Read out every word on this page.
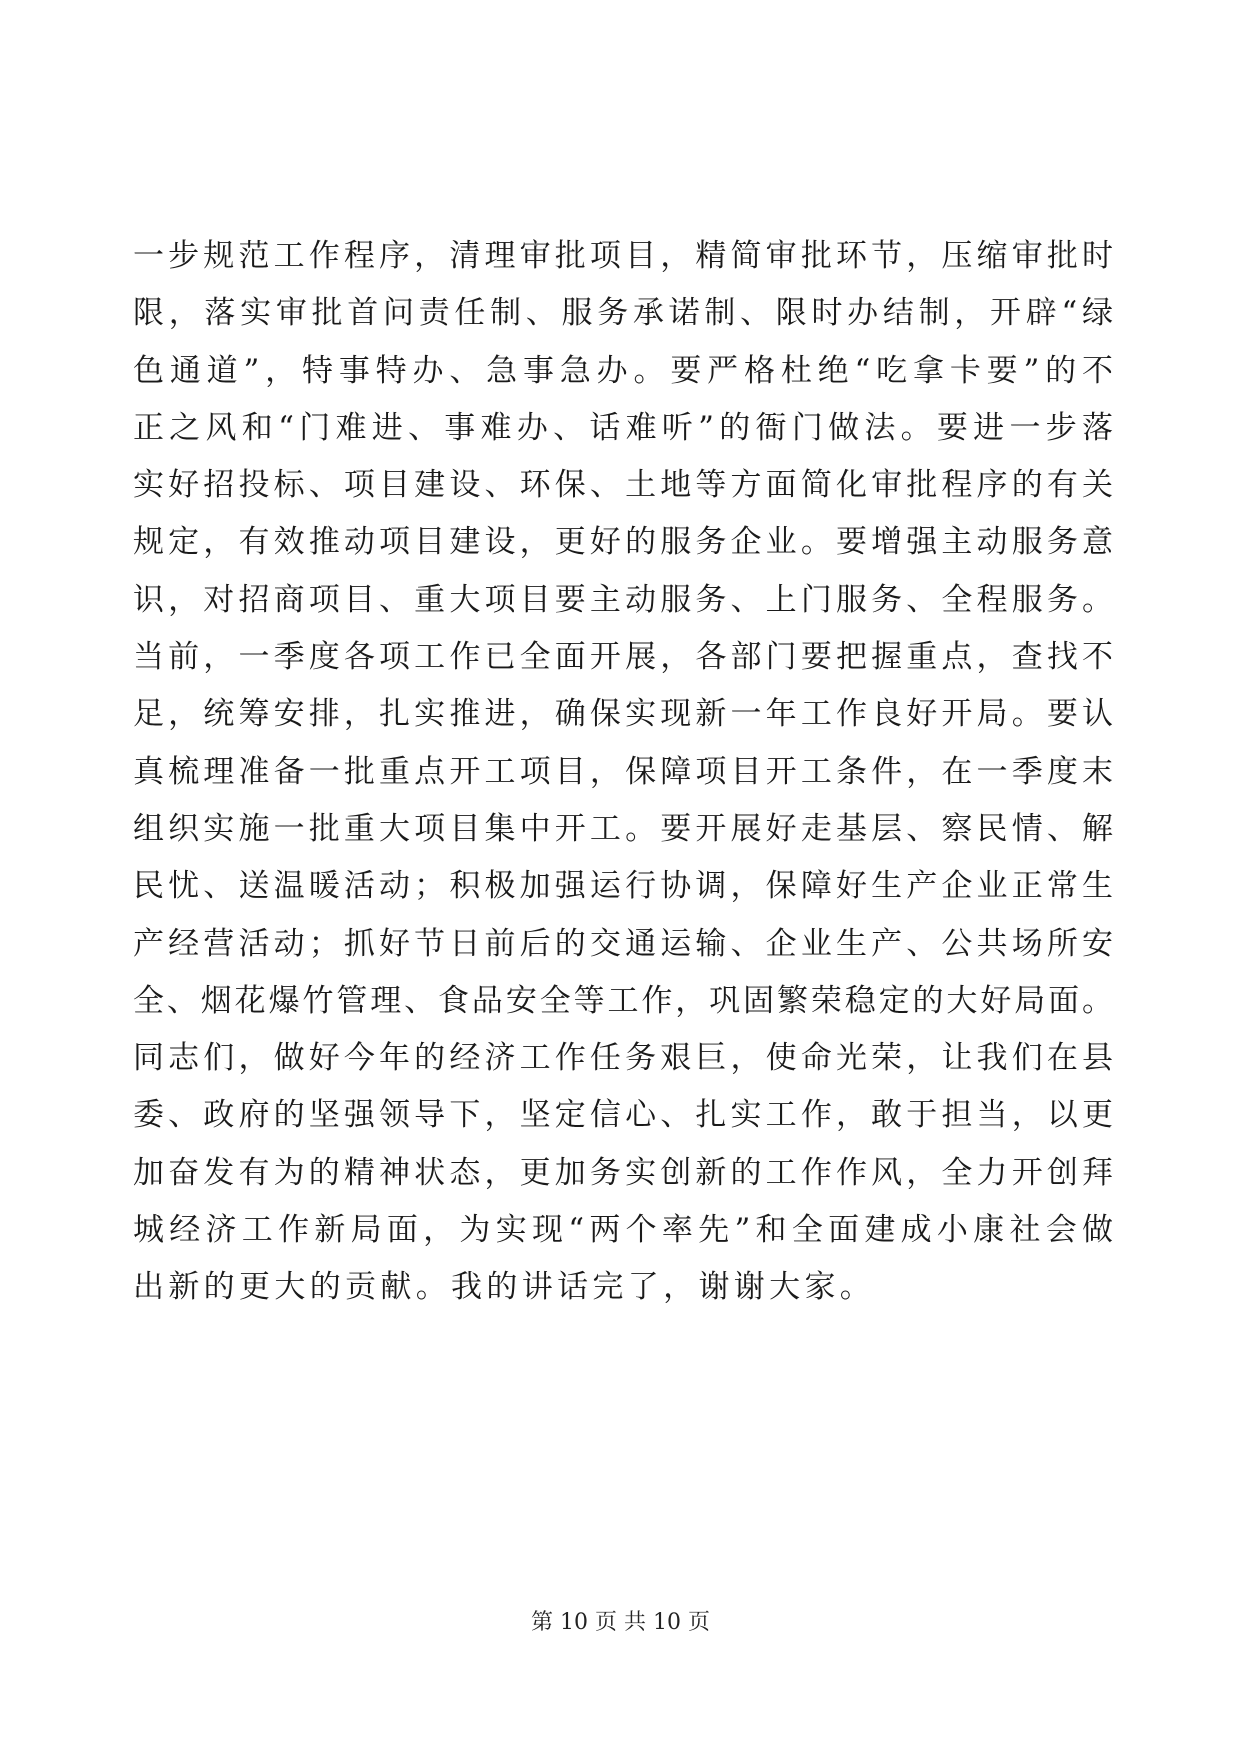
一步规范工作程序，清理审批项目，精简审批环节，压缩审批时
限，落实审批首问责任制、服务承诺制、限时办结制，开辟“绿
色通道”，特事特办、急事急办。要严格杜绝“吃拿卡要”的不
正之风和“门难进、事难办、话难听”的衙门做法。要进一步落
实好招投标、项目建设、环保、土地等方面简化审批程序的有关
规定，有效推动项目建设，更好的服务企业。要增强主动服务意
识，对招商项目、重大项目要主动服务、上门服务、全程服务。
当前，一季度各项工作已全面开展，各部门要把握重点，查找不
足，统筹安排，扎实推进，确保实现新一年工作良好开局。要认
真梳理准备一批重点开工项目，保障项目开工条件，在一季度末
组织实施一批重大项目集中开工。要开展好走基层、察民情、解
民忧、送温暖活动；积极加强运行协调，保障好生产企业正常生
产经营活动；抓好节日前后的交通运输、企业生产、公共场所安
全、烟花爆竹管理、食品安全等工作，巩固繁荣稳定的大好局面。
同志们，做好今年的经济工作任务艰巨，使命光荣，让我们在县
委、政府的坚强领导下，坚定信心、扎实工作，敢于担当，以更
加奋发有为的精神状态，更加务实创新的工作作风，全力开创拜
城经济工作新局面，为实现“两个率先”和全面建成小康社会做
出新的更大的贡献。我的讲话完了，谢谢大家。
第 10 页 共 10 页
